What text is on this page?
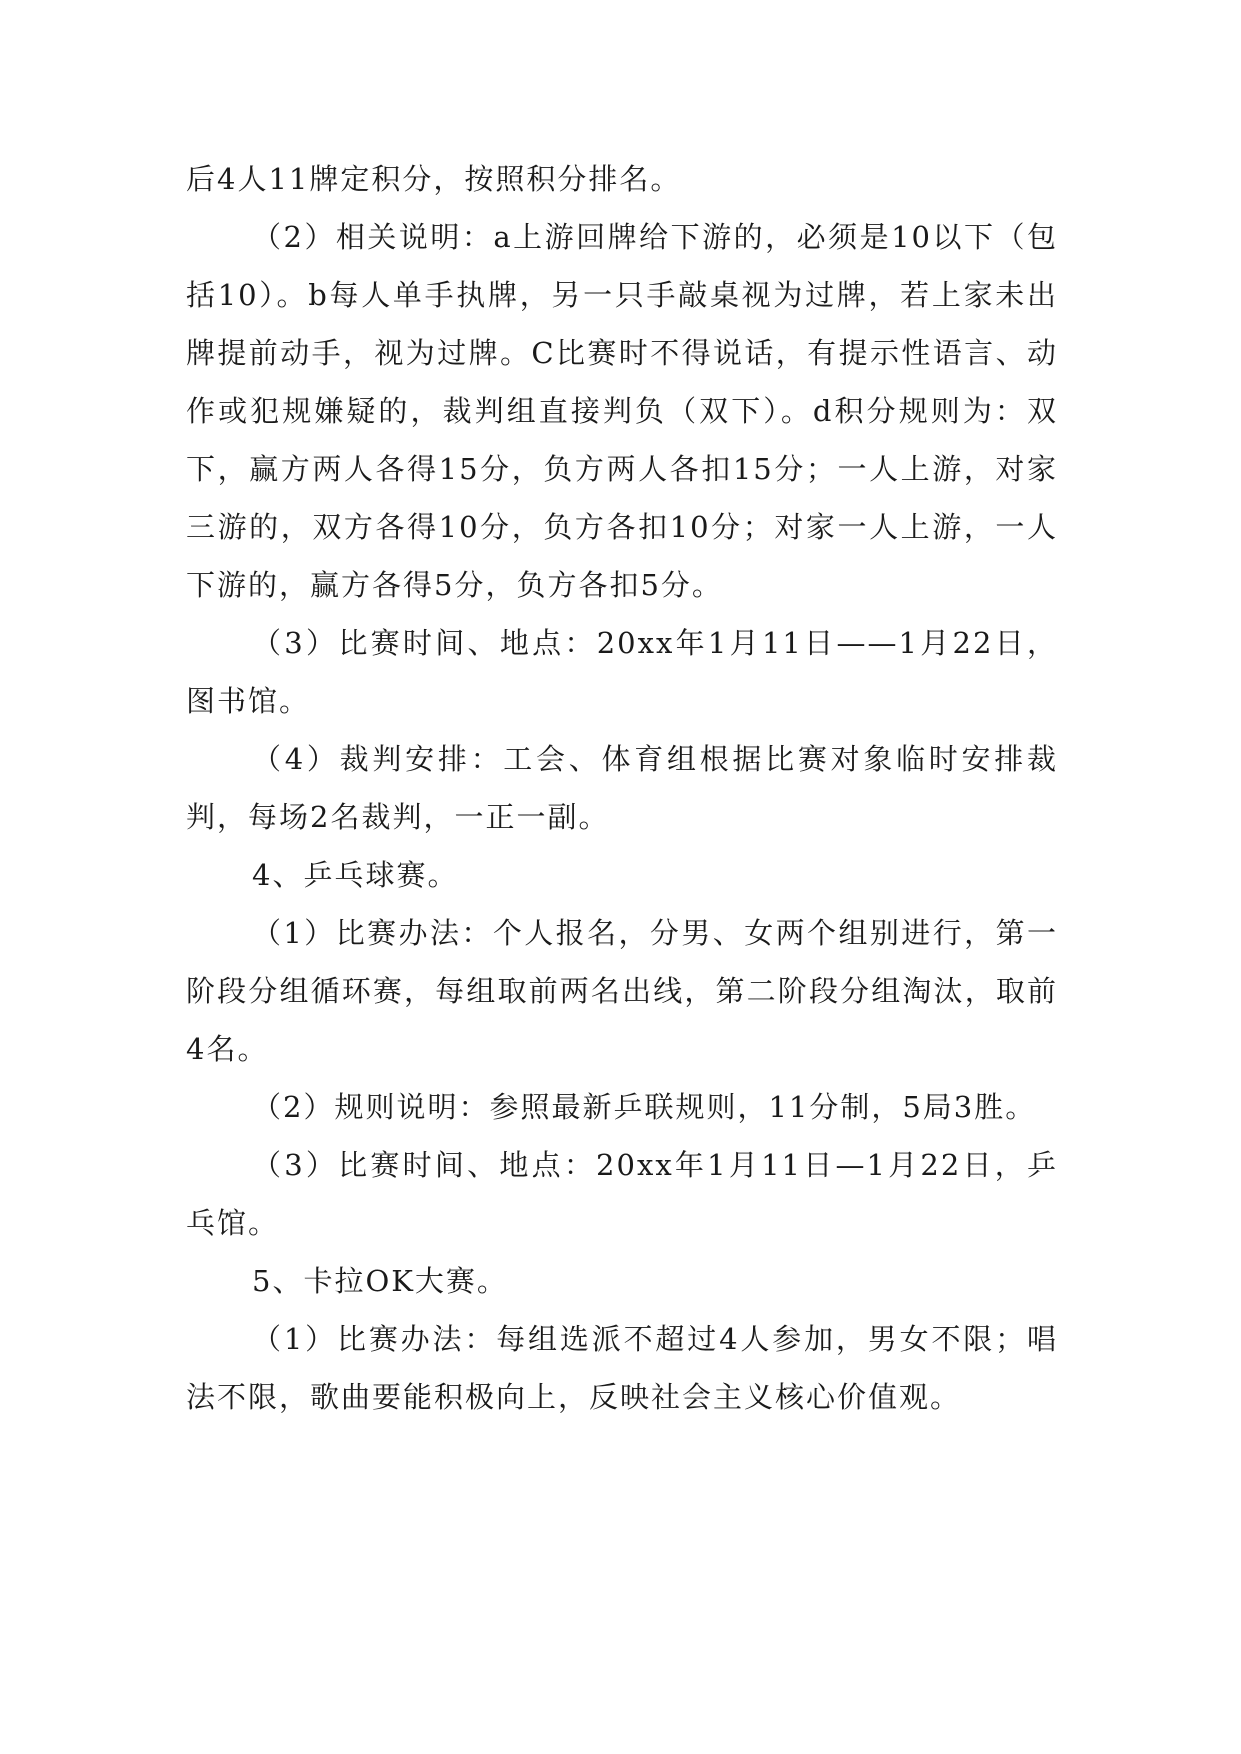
后4人11牌定积分，按照积分排名。

（2）相关说明：a上游回牌给下游的，必须是10以下（包括10）。b每人单手执牌，另一只手敲桌视为过牌，若上家未出牌提前动手，视为过牌。C比赛时不得说话，有提示性语言、动作或犯规嫌疑的，裁判组直接判负（双下）。d积分规则为：双下，赢方两人各得15分，负方两人各扣15分；一人上游，对家三游的，双方各得10分，负方各扣10分；对家一人上游，一人下游的，赢方各得5分，负方各扣5分。

（3）比赛时间、地点：20xx年1月11日——1月22日，图书馆。

（4）裁判安排：工会、体育组根据比赛对象临时安排裁判，每场2名裁判，一正一副。

4、乒乓球赛。

（1）比赛办法：个人报名，分男、女两个组别进行，第一阶段分组循环赛，每组取前两名出线，第二阶段分组淘汰，取前4名。

（2）规则说明：参照最新乒联规则，11分制，5局3胜。

（3）比赛时间、地点：20xx年1月11日—1月22日，乒乓馆。

5、卡拉OK大赛。

（1）比赛办法：每组选派不超过4人参加，男女不限；唱法不限，歌曲要能积极向上，反映社会主义核心价值观。
